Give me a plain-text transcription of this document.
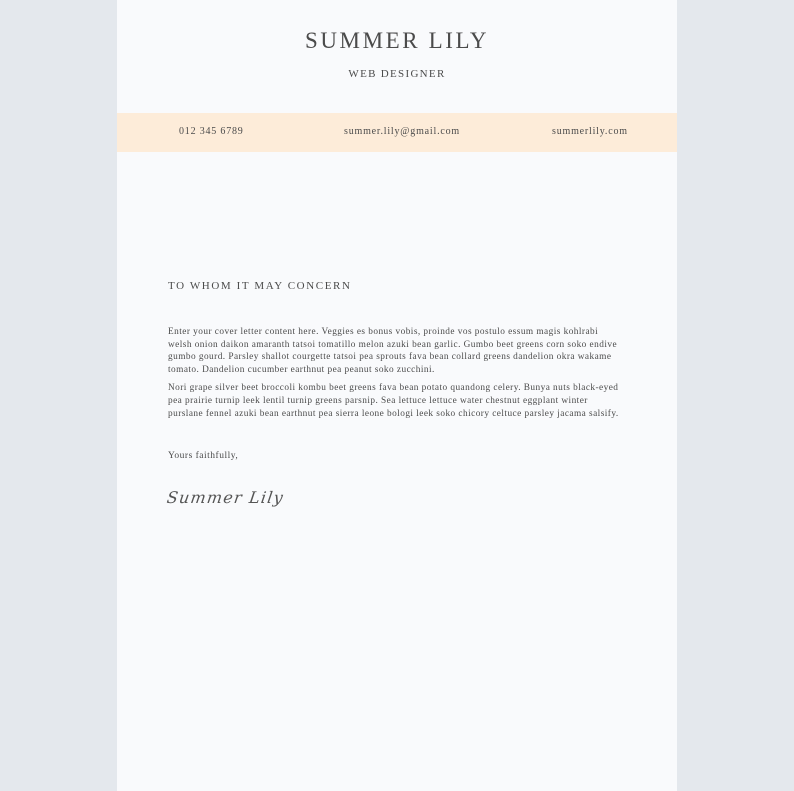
SUMMER LILY
WEB DESIGNER
012 345 6789	summer.lily@gmail.com	summerlily.com
TO WHOM IT MAY CONCERN

Enter your cover letter content here. Veggies es bonus vobis, proinde vos postulo essum magis kohlrabi welsh onion daikon amaranth tatsoi tomatillo melon azuki bean garlic. Gumbo beet greens corn soko endive gumbo gourd. Parsley shallot courgette tatsoi pea sprouts fava bean collard greens dandelion okra wakame tomato. Dandelion cucumber earthnut pea peanut soko zucchini.

Nori grape silver beet broccoli kombu beet greens fava bean potato quandong celery. Bunya nuts black-eyed pea prairie turnip leek lentil turnip greens parsnip. Sea lettuce lettuce water chestnut eggplant winter purslane fennel azuki bean earthnut pea sierra leone bologi leek soko chicory celtuce parsley jacama salsify.

Yours faithfully,
Summer Lily
